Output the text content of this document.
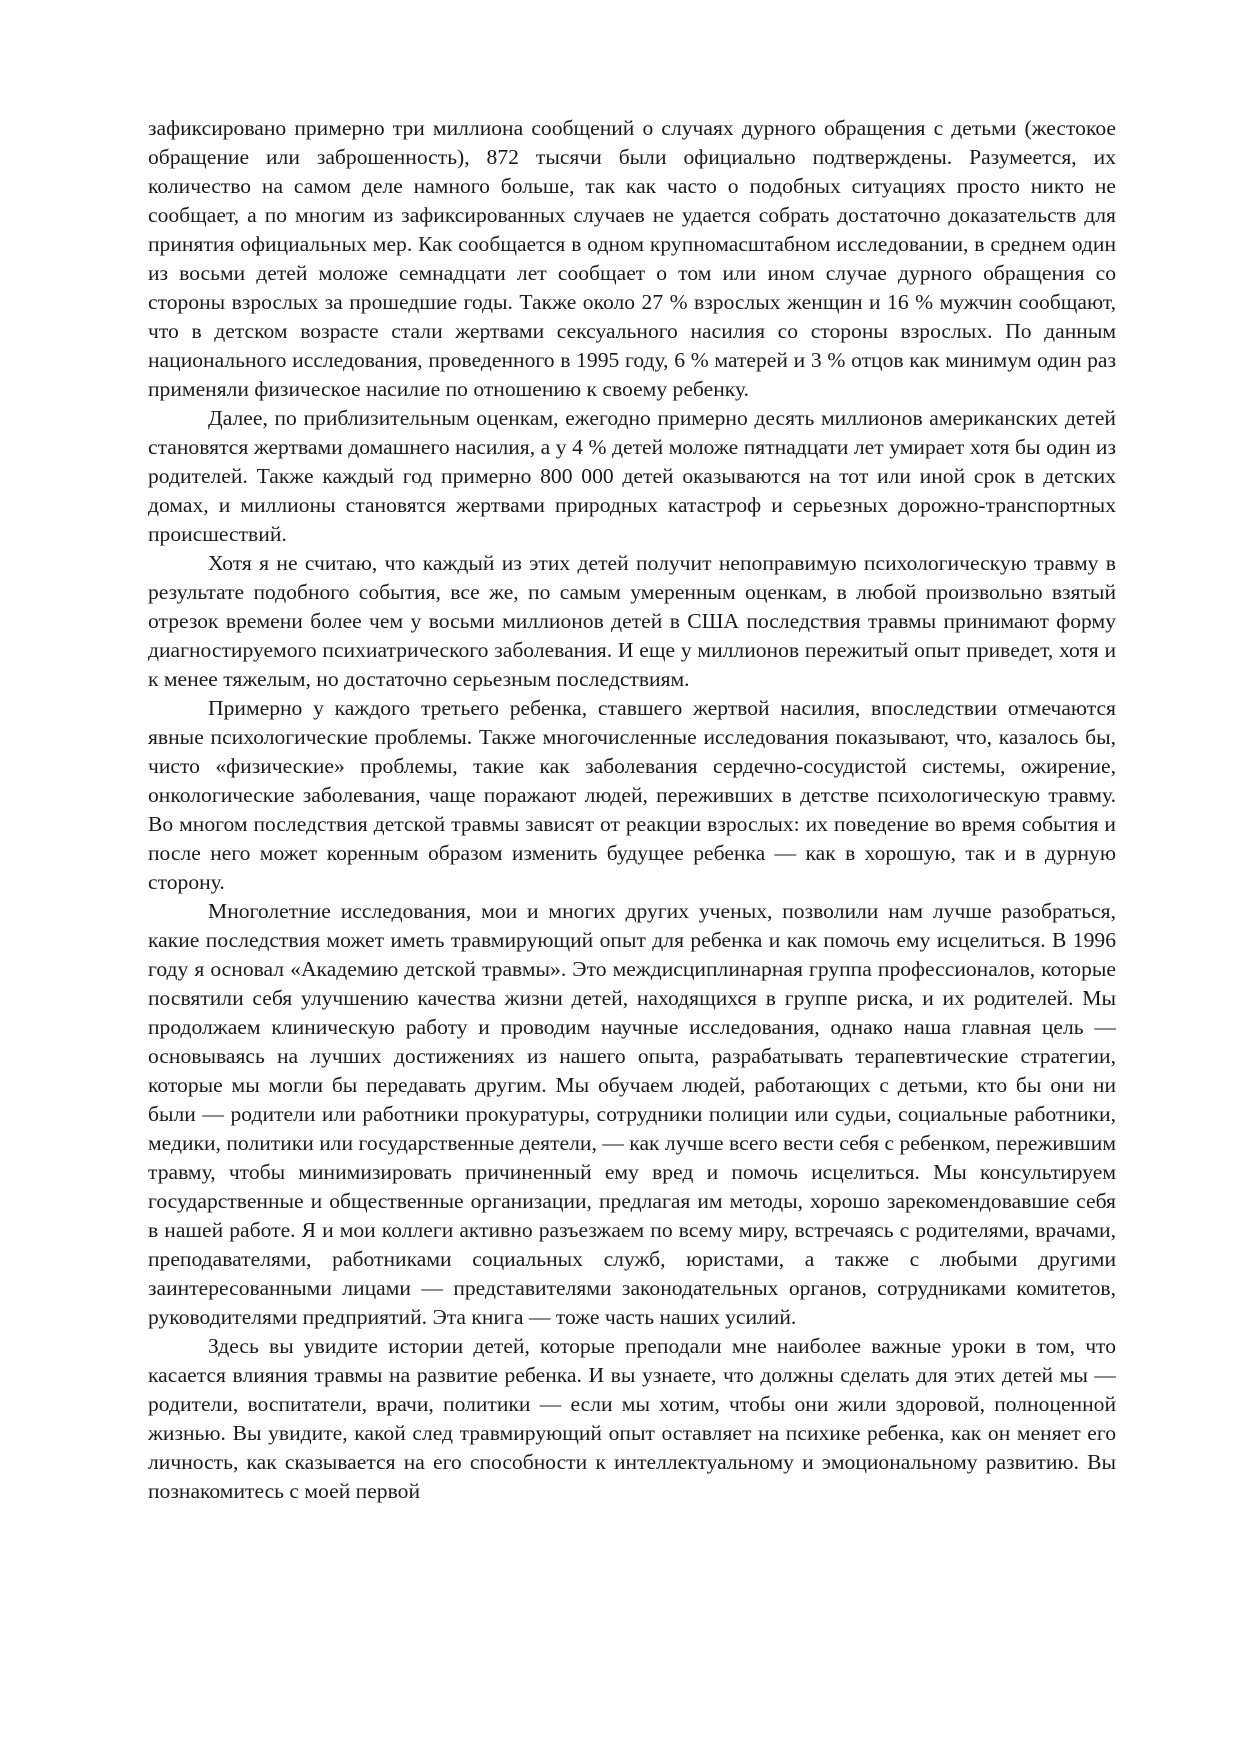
зафиксировано примерно три миллиона сообщений о случаях дурного обращения с детьми (жестокое обращение или заброшенность), 872 тысячи были официально подтверждены. Разумеется, их количество на самом деле намного больше, так как часто о подобных ситуациях просто никто не сообщает, а по многим из зафиксированных случаев не удается собрать достаточно доказательств для принятия официальных мер. Как сообщается в одном крупномасштабном исследовании, в среднем один из восьми детей моложе семнадцати лет сообщает о том или ином случае дурного обращения со стороны взрослых за прошедшие годы. Также около 27 % взрослых женщин и 16 % мужчин сообщают, что в детском возрасте стали жертвами сексуального насилия со стороны взрослых. По данным национального исследования, проведенного в 1995 году, 6 % матерей и 3 % отцов как минимум один раз применяли физическое насилие по отношению к своему ребенку.

Далее, по приблизительным оценкам, ежегодно примерно десять миллионов американских детей становятся жертвами домашнего насилия, а у 4 % детей моложе пятнадцати лет умирает хотя бы один из родителей. Также каждый год примерно 800 000 детей оказываются на тот или иной срок в детских домах, и миллионы становятся жертвами природных катастроф и серьезных дорожно-транспортных происшествий.

Хотя я не считаю, что каждый из этих детей получит непоправимую психологическую травму в результате подобного события, все же, по самым умеренным оценкам, в любой произвольно взятый отрезок времени более чем у восьми миллионов детей в США последствия травмы принимают форму диагностируемого психиатрического заболевания. И еще у миллионов пережитый опыт приведет, хотя и к менее тяжелым, но достаточно серьезным последствиям.

Примерно у каждого третьего ребенка, ставшего жертвой насилия, впоследствии отмечаются явные психологические проблемы. Также многочисленные исследования показывают, что, казалось бы, чисто «физические» проблемы, такие как заболевания сердечно-сосудистой системы, ожирение, онкологические заболевания, чаще поражают людей, переживших в детстве психологическую травму. Во многом последствия детской травмы зависят от реакции взрослых: их поведение во время события и после него может коренным образом изменить будущее ребенка — как в хорошую, так и в дурную сторону.

Многолетние исследования, мои и многих других ученых, позволили нам лучше разобраться, какие последствия может иметь травмирующий опыт для ребенка и как помочь ему исцелиться. В 1996 году я основал «Академию детской травмы». Это междисциплинарная группа профессионалов, которые посвятили себя улучшению качества жизни детей, находящихся в группе риска, и их родителей. Мы продолжаем клиническую работу и проводим научные исследования, однако наша главная цель — основываясь на лучших достижениях из нашего опыта, разрабатывать терапевтические стратегии, которые мы могли бы передавать другим. Мы обучаем людей, работающих с детьми, кто бы они ни были — родители или работники прокуратуры, сотрудники полиции или судьи, социальные работники, медики, политики или государственные деятели, — как лучше всего вести себя с ребенком, пережившим травму, чтобы минимизировать причиненный ему вред и помочь исцелиться. Мы консультируем государственные и общественные организации, предлагая им методы, хорошо зарекомендовавшие себя в нашей работе. Я и мои коллеги активно разъезжаем по всему миру, встречаясь с родителями, врачами, преподавателями, работниками социальных служб, юристами, а также с любыми другими заинтересованными лицами — представителями законодательных органов, сотрудниками комитетов, руководителями предприятий. Эта книга — тоже часть наших усилий.

Здесь вы увидите истории детей, которые преподали мне наиболее важные уроки в том, что касается влияния травмы на развитие ребенка. И вы узнаете, что должны сделать для этих детей мы — родители, воспитатели, врачи, политики — если мы хотим, чтобы они жили здоровой, полноценной жизнью. Вы увидите, какой след травмирующий опыт оставляет на психике ребенка, как он меняет его личность, как сказывается на его способности к интеллектуальному и эмоциональному развитию. Вы познакомитесь с моей первой
